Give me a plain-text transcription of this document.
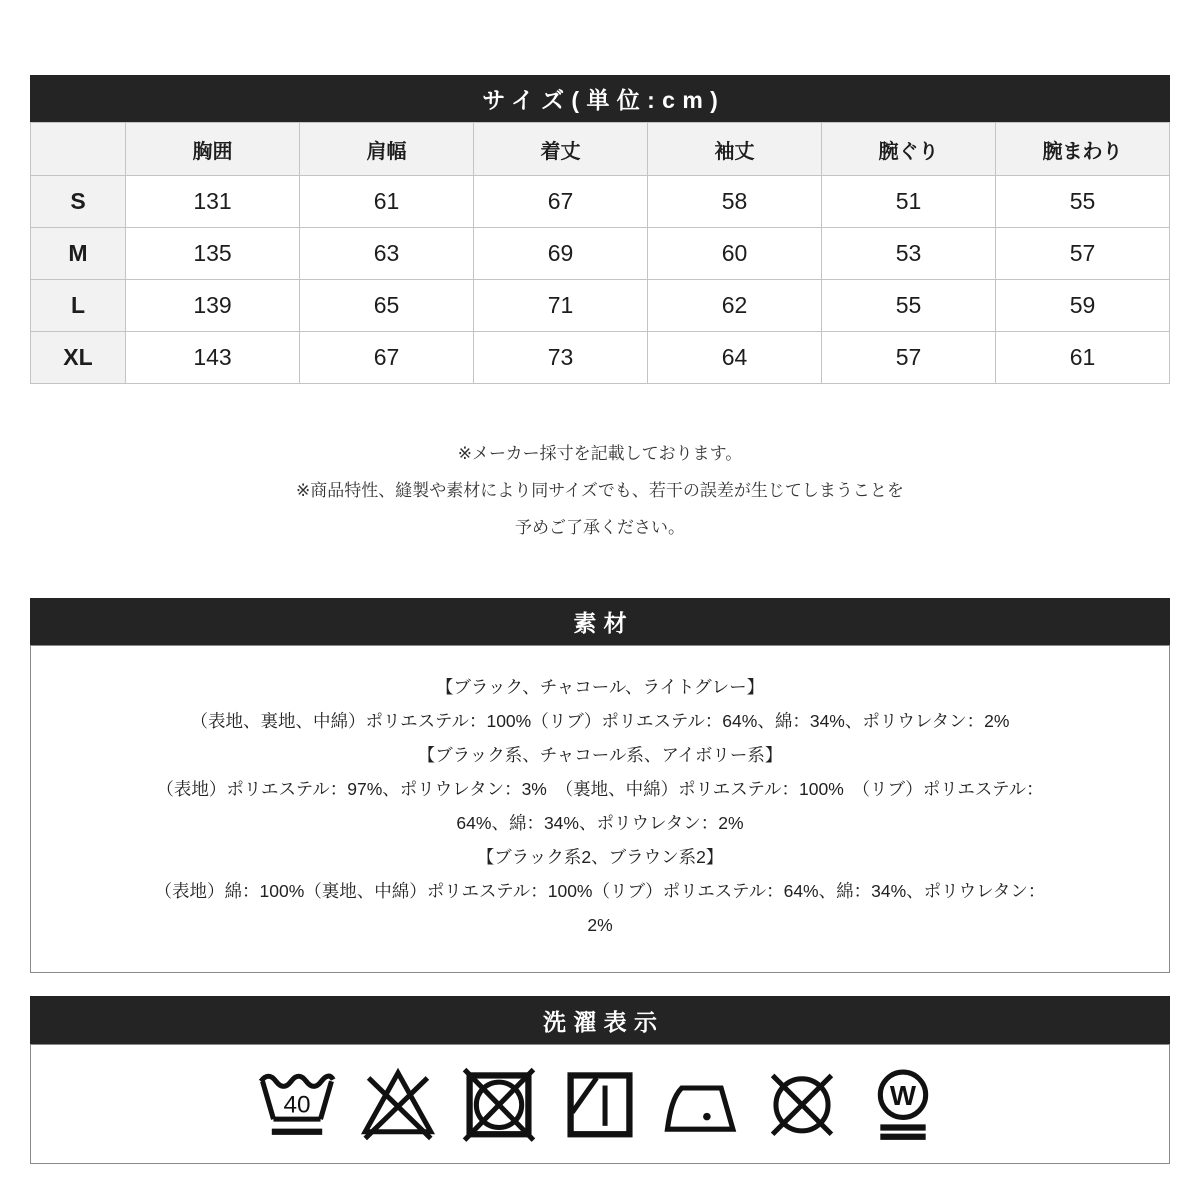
サイズ(単位:cm)
	胸囲	肩幅	着丈	袖丈	腕ぐり	腕まわり
S	131	61	67	58	51	55
M	135	63	69	60	53	57
L	139	65	71	62	55	59
XL	143	67	73	64	57	61
※メーカー採寸を記載しております。
※商品特性、縫製や素材により同サイズでも、若干の誤差が生じてしまうことを
予めご了承ください。
素材
【ブラック、チャコール、ライトグレー】
（表地、裏地、中綿）ポリエステル：100%（リブ）ポリエステル：64%、綿：34%、ポリウレタン：2%
【ブラック系、チャコール系、アイボリー系】
（表地）ポリエステル：97%、ポリウレタン：3%　（裏地、中綿）ポリエステル：100%　（リブ）ポリエステル：
64%、綿：34%、ポリウレタン：2%
【ブラック系2、ブラウン系2】
（表地）綿：100%（裏地、中綿）ポリエステル：100%（リブ）ポリエステル：64%、綿：34%、ポリウレタン：
2%
洗濯表示
40	W
